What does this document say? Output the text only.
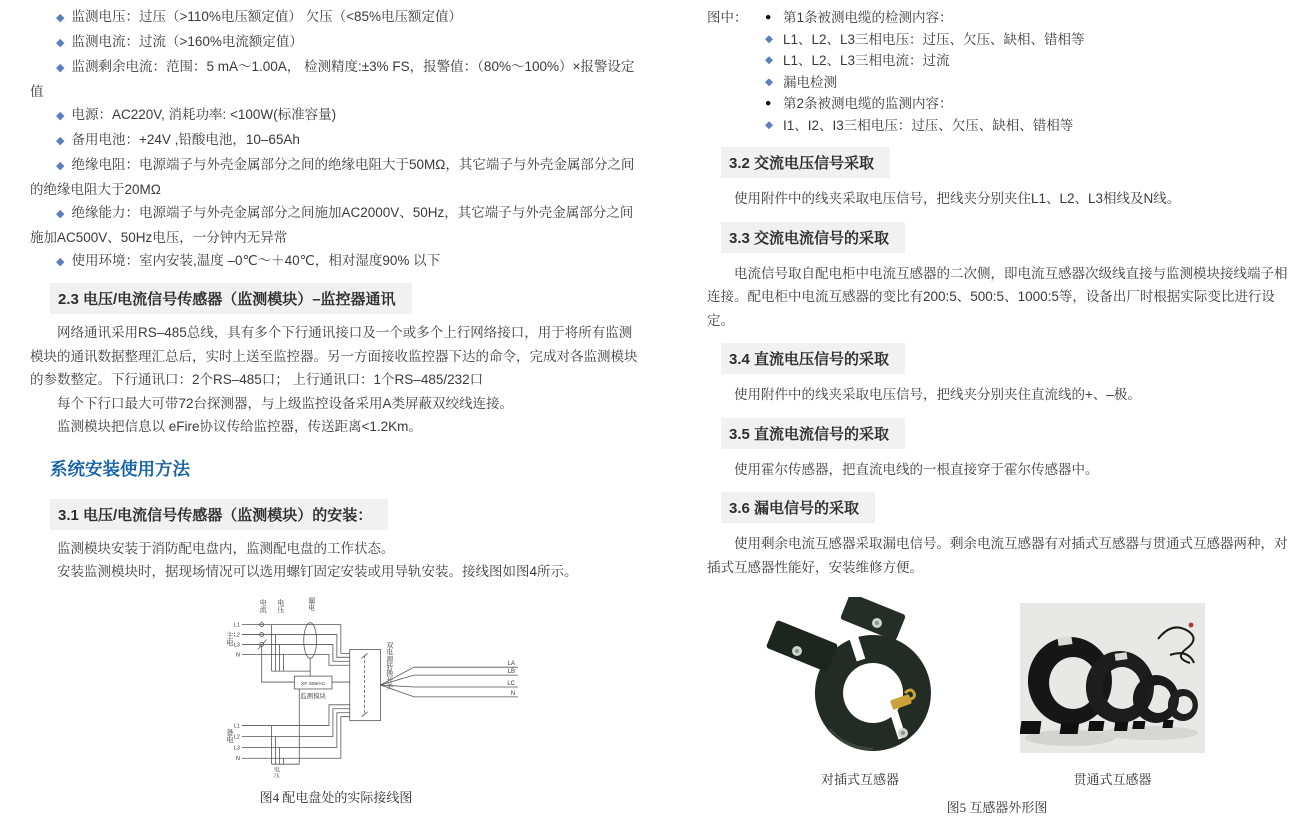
◆ 监测电压：过压（>110%电压额定值） 欠压（<85%电压额定值）

◆ 监测电流：过流（>160%电流额定值）

◆ 监测剩余电流：范围：5 mA～1.00A， 检测精度:±3% FS，报警值：（80%～100%）×报警设定值

◆ 电源：AC220V, 消耗功率: <100W(标准容量)

◆ 备用电池：+24V ,铅酸电池，10–65Ah

◆ 绝缘电阻：电源端子与外壳金属部分之间的绝缘电阻大于50MΩ，其它端子与外壳金属部分之间的绝缘电阻大于20MΩ

◆ 绝缘能力：电源端子与外壳金属部分之间施加AC2000V、50Hz，其它端子与外壳金属部分之间施加AC500V、50Hz电压，一分钟内无异常

◆ 使用环境：室内安装,温度 –0℃～＋40℃，相对湿度90% 以下

2.3 电压/电流信号传感器（监测模块）–监控器通讯

网络通讯采用RS–485总线，具有多个下行通讯接口及一个或多个上行网络接口，用于将所有监测模块的通讯数据整理汇总后，实时上送至监控器。另一方面接收监控器下达的命令，完成对各监测模块的参数整定。下行通讯口：2个RS–485口； 上行通讯口：1个RS–485/232口

每个下行口最大可带72台探测器，与上级监控设备采用A类屏蔽双绞线连接。

监测模块把信息以 eFire协议传给监控器，传送距离<1.2Km。

系统安装使用方法
3.1 电压/电流信号传感器（监测模块）的安装：

监测模块安装于消防配电盘内，监测配电盘的工作状态。

安装监测模块时，据现场情况可以选用螺钉固定安装或用导轨安装。接线图如图4所示。

电流 电压	漏电
主电
备电
电压
L1
L2
L3
N
XF-309/AC
监测模块
双电源转换开关	LA
LB
LC
N
L1
L2
L3
N
图4 配电盘处的实际接线图
图中：	● 第1条被测电缆的检测内容：
◆ L1、L2、L3三相电压：过压、欠压、缺相、错相等
◆ L1、L2、L3三相电流：过流
◆ 漏电检测
● 第2条被测电缆的监测内容：
◆ I1、I2、I3三相电压：过压、欠压、缺相、错相等
3.2 交流电压信号采取

使用附件中的线夹采取电压信号，把线夹分别夹住L1、L2、L3相线及N线。

3.3 交流电流信号的采取

电流信号取自配电柜中电流互感器的二次侧，即电流互感器次级线直接与监测模块接线端子相连接。配电柜中电流互感器的变比有200:5、500:5、1000:5等，设备出厂时根据实际变比进行设定。

3.4 直流电压信号的采取

使用附件中的线夹采取电压信号，把线夹分别夹住直流线的+、–极。

3.5 直流电流信号的采取

使用霍尔传感器，把直流电线的一根直接穿于霍尔传感器中。

3.6 漏电信号的采取

使用剩余电流互感器采取漏电信号。剩余电流互感器有对插式互感器与贯通式互感器两种，对插式互感器性能好，安装维修方便。

对插式互感器	贯通式互感器
图5 互感器外形图
